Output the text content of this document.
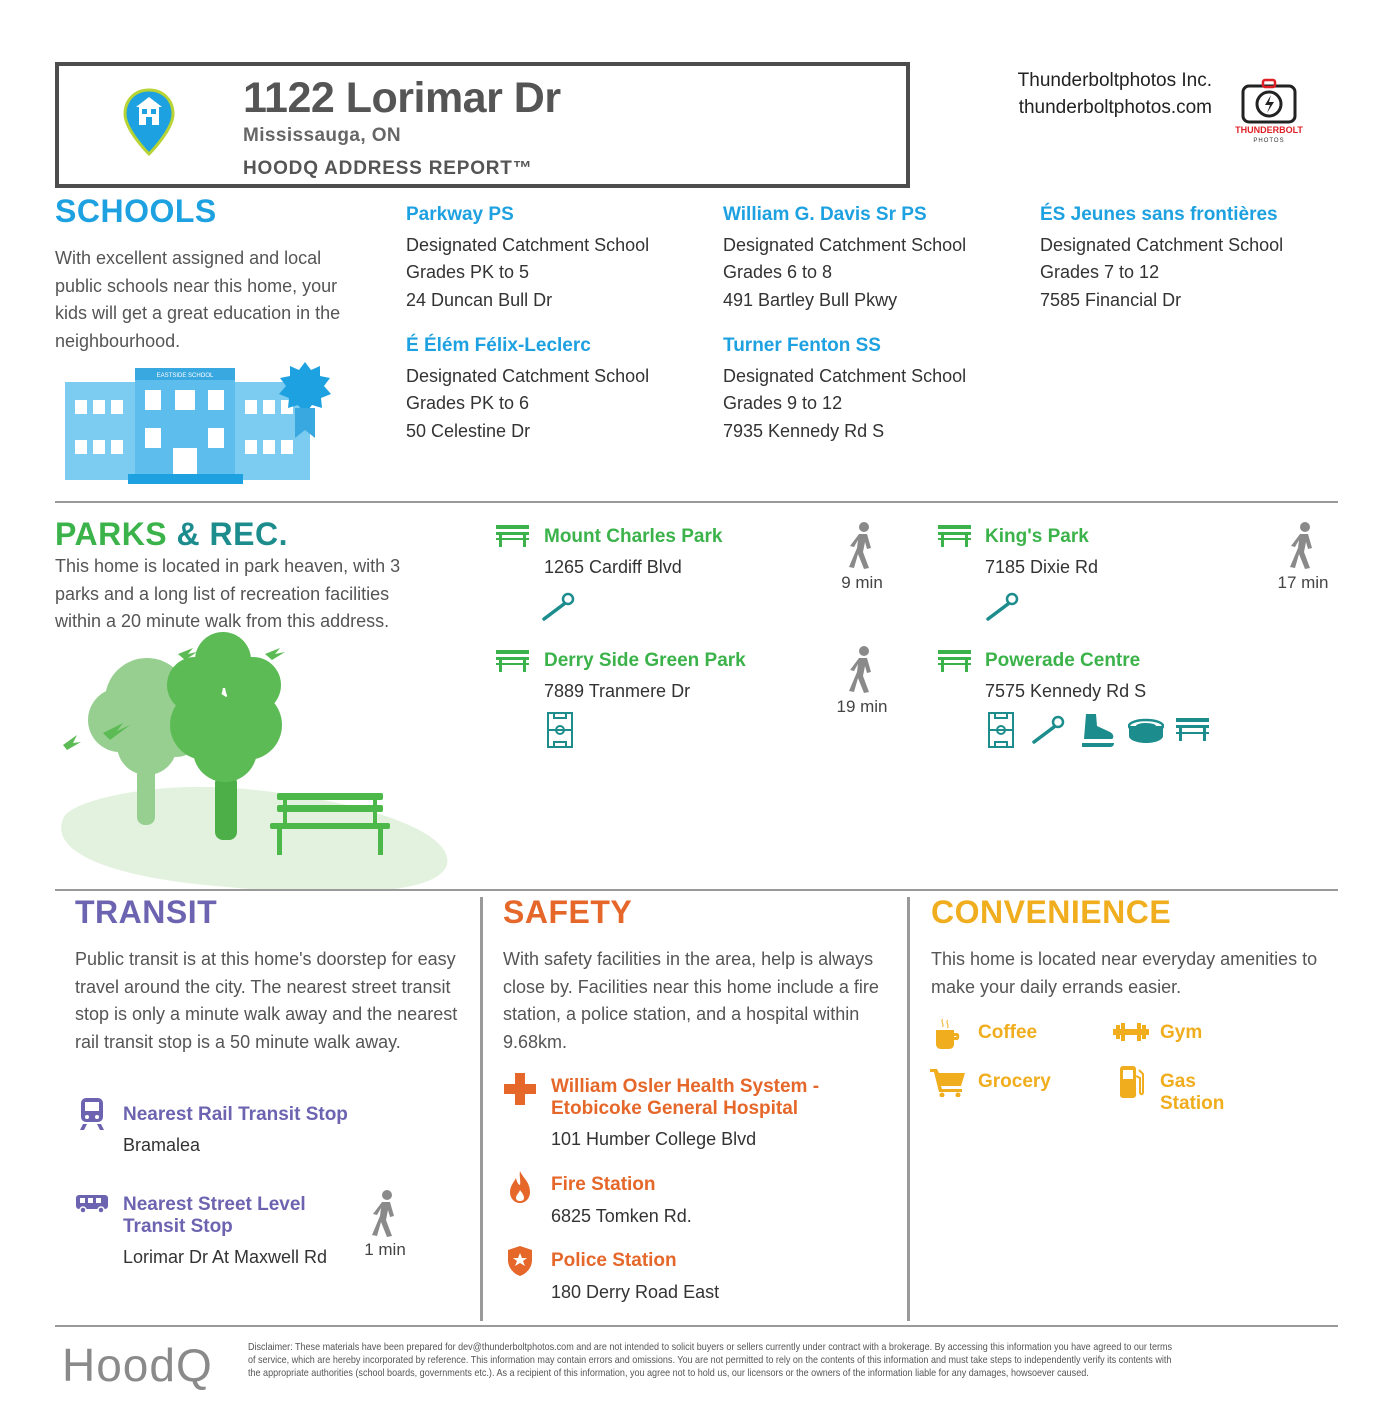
1122 Lorimar Dr
Mississauga, ON
HOODQ ADDRESS REPORT™
Thunderboltphotos Inc.
thunderboltphotos.com
THUNDERBOLT
PHOTOS
SCHOOLS
With excellent assigned and local public schools near this home, your kids will get a great education in the neighbourhood.
EASTSIDE SCHOOL
Parkway PS
Designated Catchment School
Grades PK to 5
24 Duncan Bull Dr
William G. Davis Sr PS
Designated Catchment School
Grades 6 to 8
491 Bartley Bull Pkwy
ÉS Jeunes sans frontières
Designated Catchment School
Grades 7 to 12
7585 Financial Dr
É Élém Félix-Leclerc
Designated Catchment School
Grades PK to 6
50 Celestine Dr
Turner Fenton SS
Designated Catchment School
Grades 9 to 12
7935 Kennedy Rd S
PARKS & REC.
This home is located in park heaven, with 3 parks and a long list of recreation facilities within a 20 minute walk from this address.
Mount Charles Park
1265 Cardiff Blvd
9 min
King's Park
7185 Dixie Rd
17 min
Derry Side Green Park
7889 Tranmere Dr
19 min
Powerade Centre
7575 Kennedy Rd S
TRANSIT
Public transit is at this home's doorstep for easy travel around the city. The nearest street transit stop is only a minute walk away and the nearest rail transit stop is a 50 minute walk away.
Nearest Rail Transit Stop
Bramalea
Nearest Street Level
Transit Stop
Lorimar Dr At Maxwell Rd	1 min
SAFETY
With safety facilities in the area, help is always close by. Facilities near this home include a fire station, a police station, and a hospital within 9.68km.
William Osler Health System -
Etobicoke General Hospital
101 Humber College Blvd
Fire Station
6825 Tomken Rd.
Police Station
180 Derry Road East
CONVENIENCE
This home is located near everyday amenities to make your daily errands easier.
Coffee	Gym
Grocery	Gas
Station
HoodQ	Disclaimer: These materials have been prepared for dev@thunderboltphotos.com and are not intended to solicit buyers or sellers currently under contract with a brokerage. By accessing this information you have agreed to our terms
of service, which are hereby incorporated by reference. This information may contain errors and omissions. You are not permitted to rely on the contents of this information and must take steps to independently verify its contents with
the appropriate authorities (school boards, governments etc.). As a recipient of this information, you agree not to hold us, our licensors or the owners of the information liable for any damages, howsoever caused.
